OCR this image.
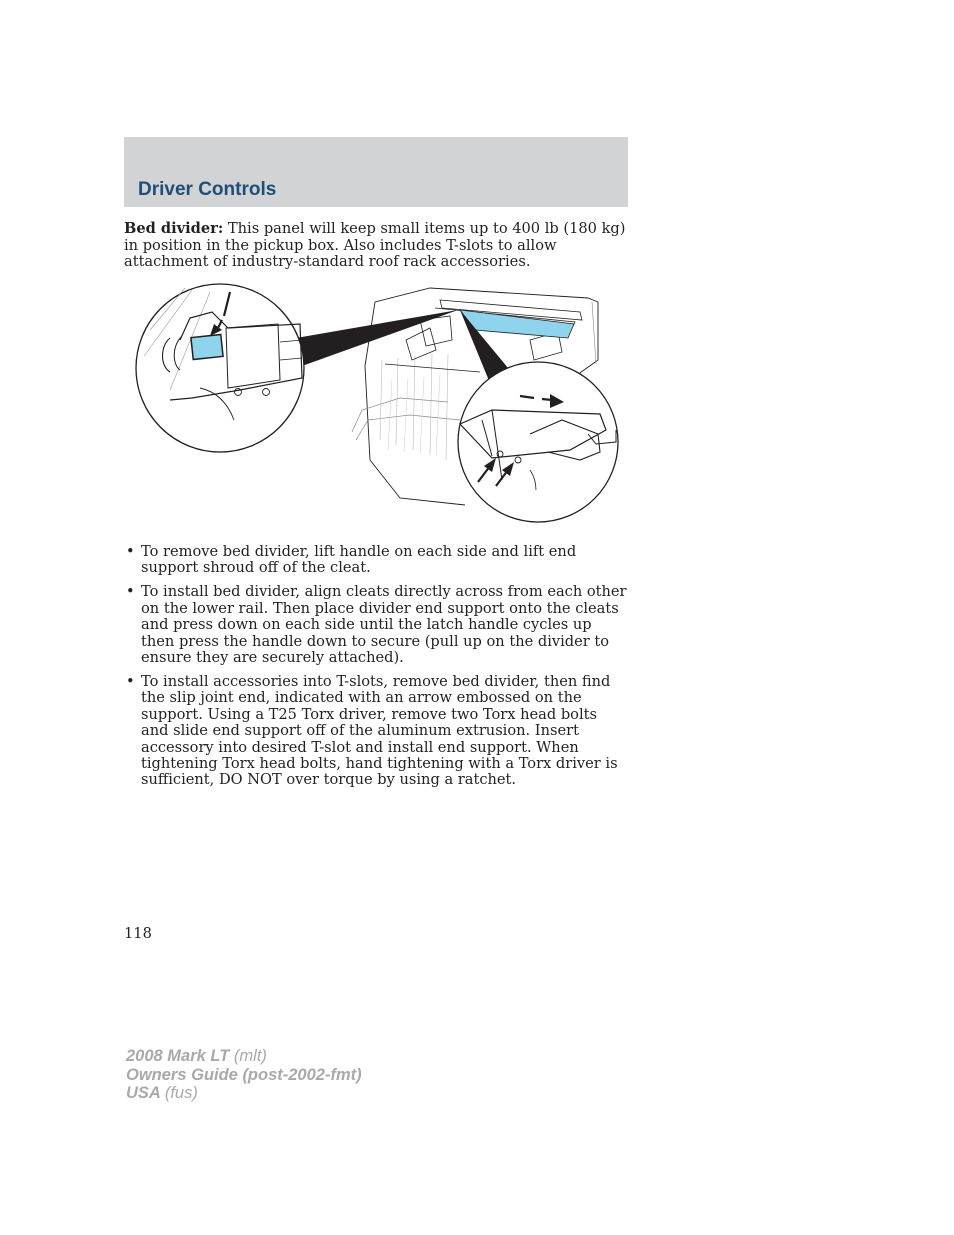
Driver Controls

Bed divider: This panel will keep small items up to 400 lb (180 kg) in position in the pickup box. Also includes T-slots to allow attachment of industry-standard roof rack accessories.

• To remove bed divider, lift handle on each side and lift end support shroud off of the cleat.
• To install bed divider, align cleats directly across from each other on the lower rail. Then place divider end support onto the cleats and press down on each side until the latch handle cycles up then press the handle down to secure (pull up on the divider to ensure they are securely attached).
• To install accessories into T-slots, remove bed divider, then find the slip joint end, indicated with an arrow embossed on the support. Using a T25 Torx driver, remove two Torx head bolts and slide end support off of the aluminum extrusion. Insert accessory into desired T-slot and install end support. When tightening Torx head bolts, hand tightening with a Torx driver is sufficient, DO NOT over torque by using a ratchet.
118
2008 Mark LT (mlt)
Owners Guide (post-2002-fmt)
USA (fus)
